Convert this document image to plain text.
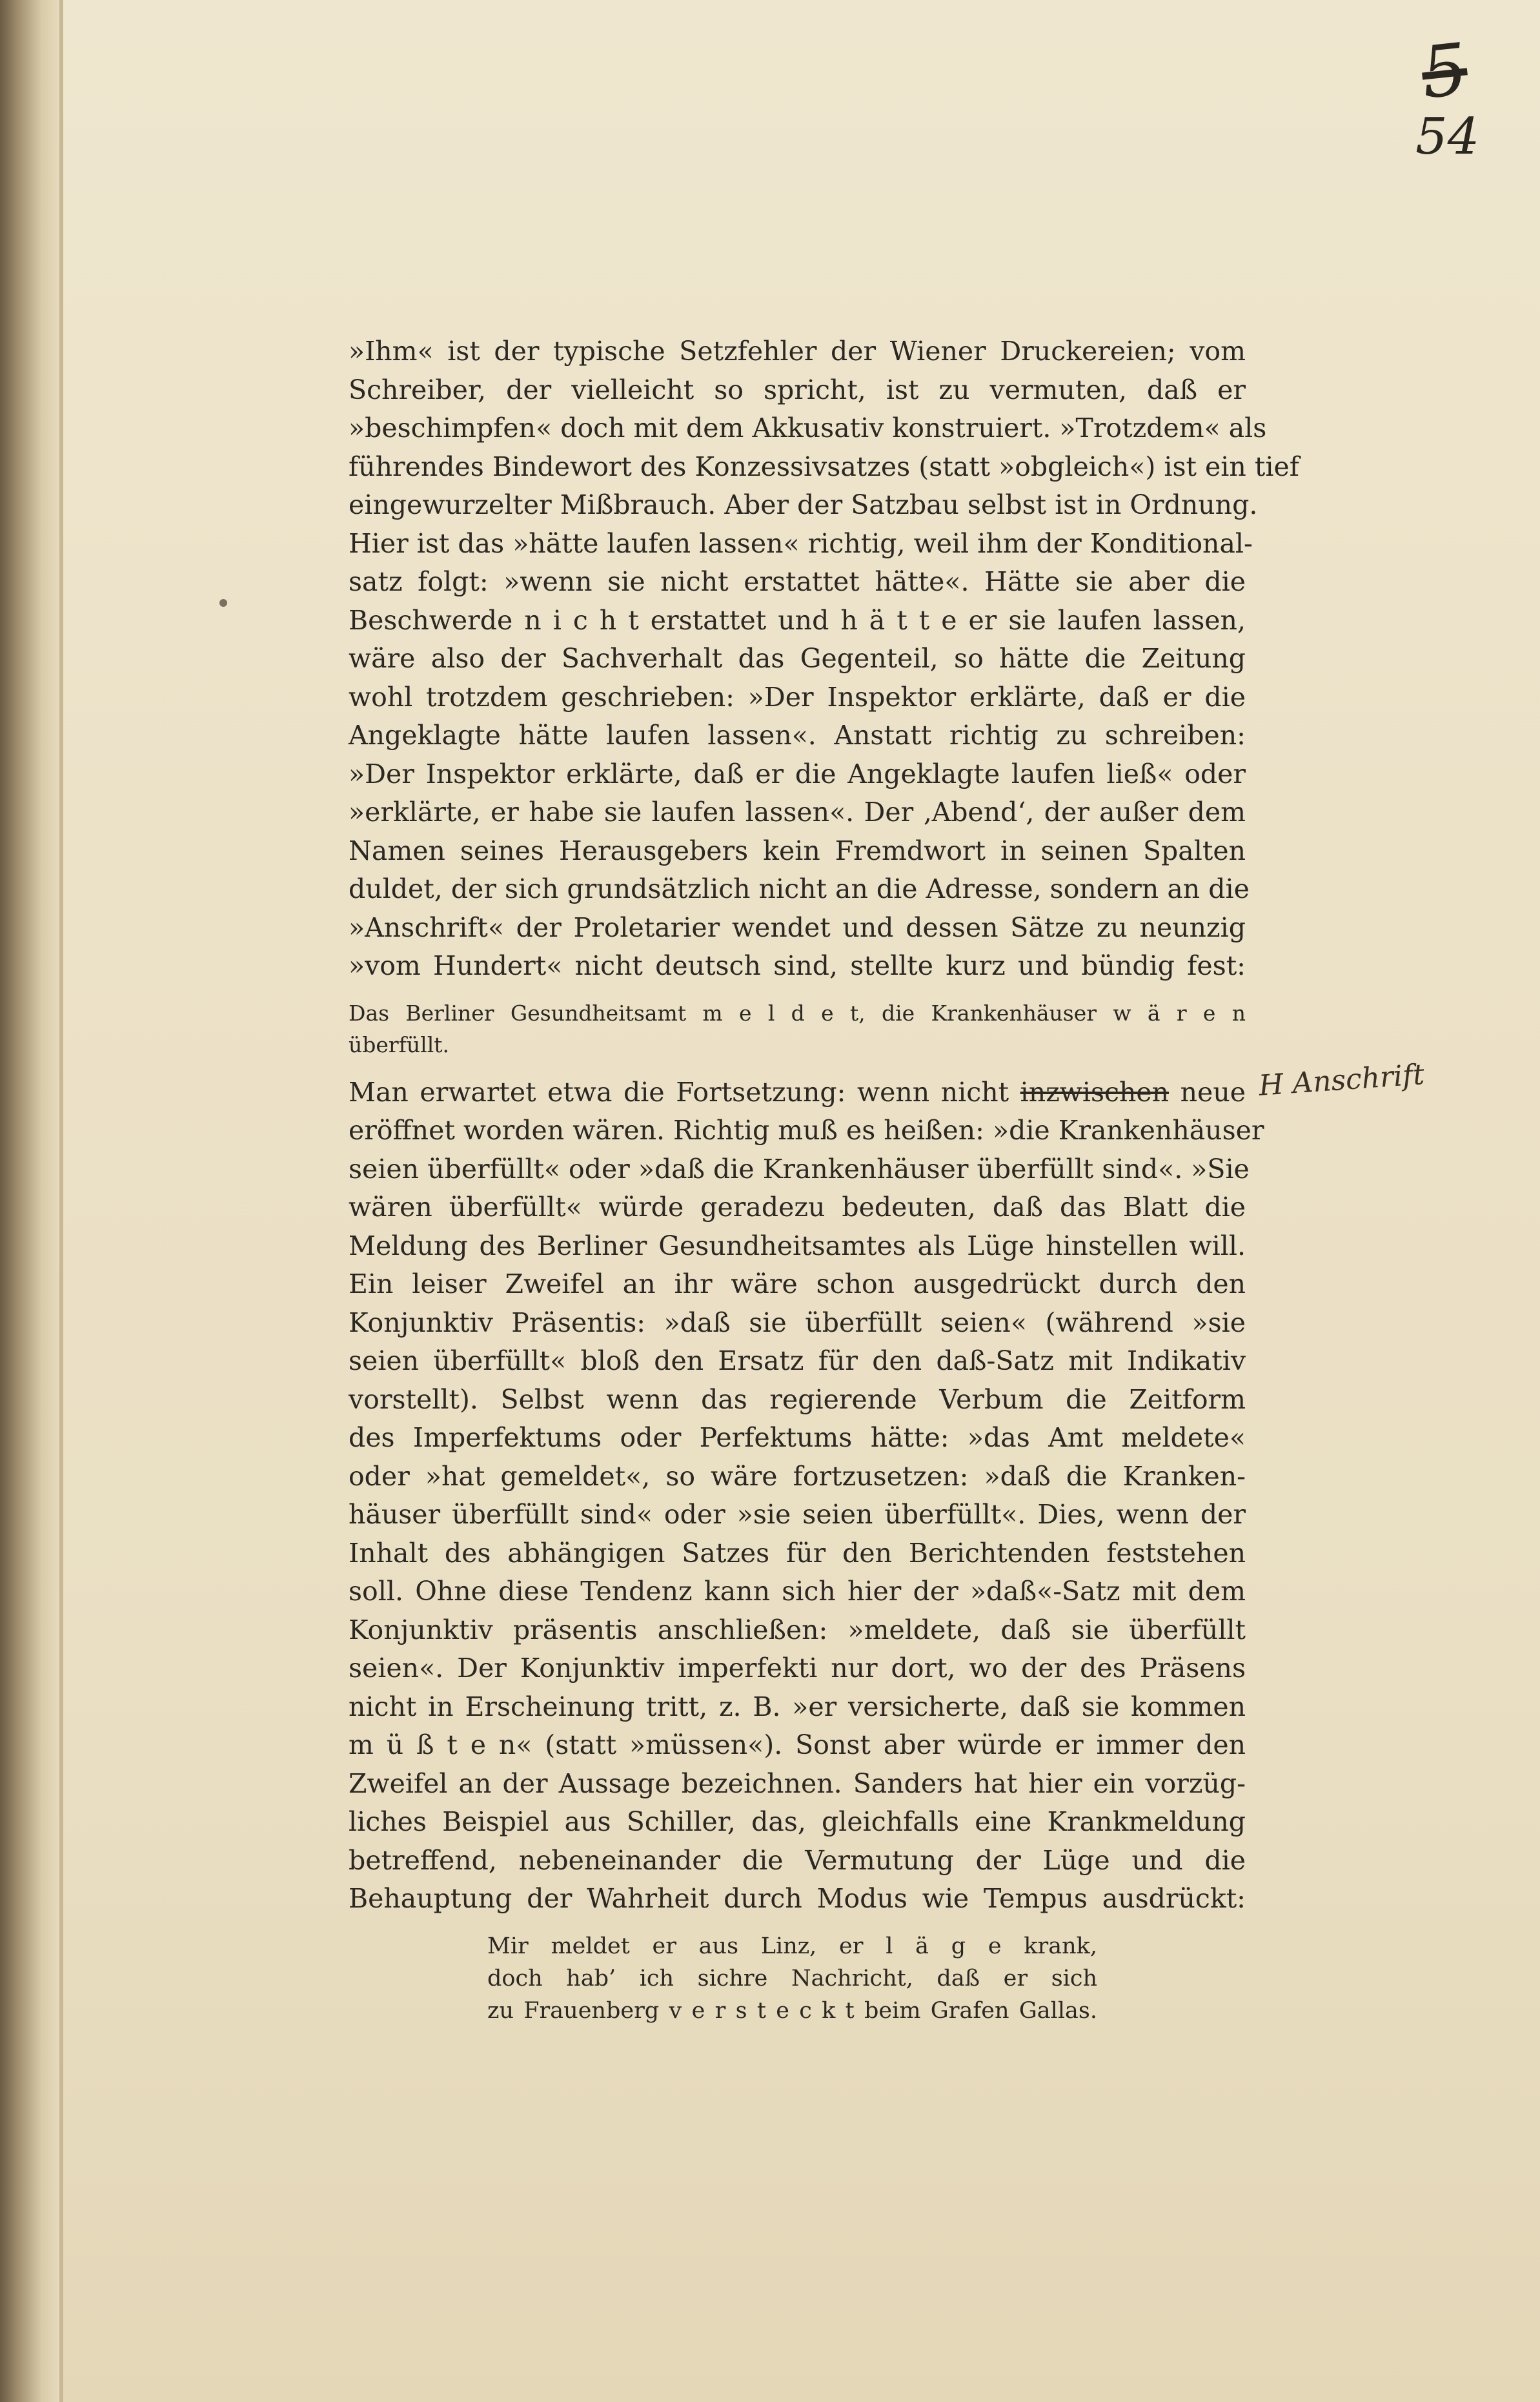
5
54
H Anschrift
»Ihm« ist der typische Setzfehler der Wiener Druckereien; vom
Schreiber, der vielleicht so spricht, ist zu vermuten, daß er
»beschimpfen« doch mit dem Akkusativ konstruiert. »Trotzdem« als
führendes Bindewort des Konzessivsatzes (statt »obgleich«) ist ein tief
eingewurzelter Mißbrauch. Aber der Satzbau selbst ist in Ordnung.
Hier ist das »hätte laufen lassen« richtig, weil ihm der Konditional-
satz folgt: »wenn sie nicht erstattet hätte«. Hätte sie aber die
Beschwerde n i c h t erstattet und h ä t t e er sie laufen lassen,
wäre also der Sachverhalt das Gegenteil, so hätte die Zeitung
wohl trotzdem geschrieben: »Der Inspektor erklärte, daß er die
Angeklagte hätte laufen lassen«. Anstatt richtig zu schreiben:
»Der Inspektor erklärte, daß er die Angeklagte laufen ließ« oder
»erklärte, er habe sie laufen lassen«. Der ‚Abend‘, der außer dem
Namen seines Herausgebers kein Fremdwort in seinen Spalten
duldet, der sich grundsätzlich nicht an die Adresse, sondern an die
»Anschrift« der Proletarier wendet und dessen Sätze zu neunzig
»vom Hundert« nicht deutsch sind, stellte kurz und bündig fest:
Das Berliner Gesundheitsamt m e l d e t, die Krankenhäuser w ä r e n
überfüllt.
Man erwartet etwa die Fortsetzung: wenn nicht inzwischen neue
eröffnet worden wären. Richtig muß es heißen: »die Krankenhäuser
seien überfüllt« oder »daß die Krankenhäuser überfüllt sind«. »Sie
wären überfüllt« würde geradezu bedeuten, daß das Blatt die
Meldung des Berliner Gesundheitsamtes als Lüge hinstellen will.
Ein leiser Zweifel an ihr wäre schon ausgedrückt durch den
Konjunktiv Präsentis: »daß sie überfüllt seien« (während »sie
seien überfüllt« bloß den Ersatz für den daß-Satz mit Indikativ
vorstellt). Selbst wenn das regierende Verbum die Zeitform
des Imperfektums oder Perfektums hätte: »das Amt meldete«
oder »hat gemeldet«, so wäre fortzusetzen: »daß die Kranken-
häuser überfüllt sind« oder »sie seien überfüllt«. Dies, wenn der
Inhalt des abhängigen Satzes für den Berichtenden feststehen
soll. Ohne diese Tendenz kann sich hier der »daß«-Satz mit dem
Konjunktiv präsentis anschließen: »meldete, daß sie überfüllt
seien«. Der Konjunktiv imperfekti nur dort, wo der des Präsens
nicht in Erscheinung tritt, z. B. »er versicherte, daß sie kommen
m ü ß t e n« (statt »müssen«). Sonst aber würde er immer den
Zweifel an der Aussage bezeichnen. Sanders hat hier ein vorzüg-
liches Beispiel aus Schiller, das, gleichfalls eine Krankmeldung
betreffend, nebeneinander die Vermutung der Lüge und die
Behauptung der Wahrheit durch Modus wie Tempus ausdrückt:
Mir meldet er aus Linz, er l ä g e krank,
doch hab’ ich sichre Nachricht, daß er sich
zu Frauenberg v e r s t e c k t beim Grafen Gallas.
